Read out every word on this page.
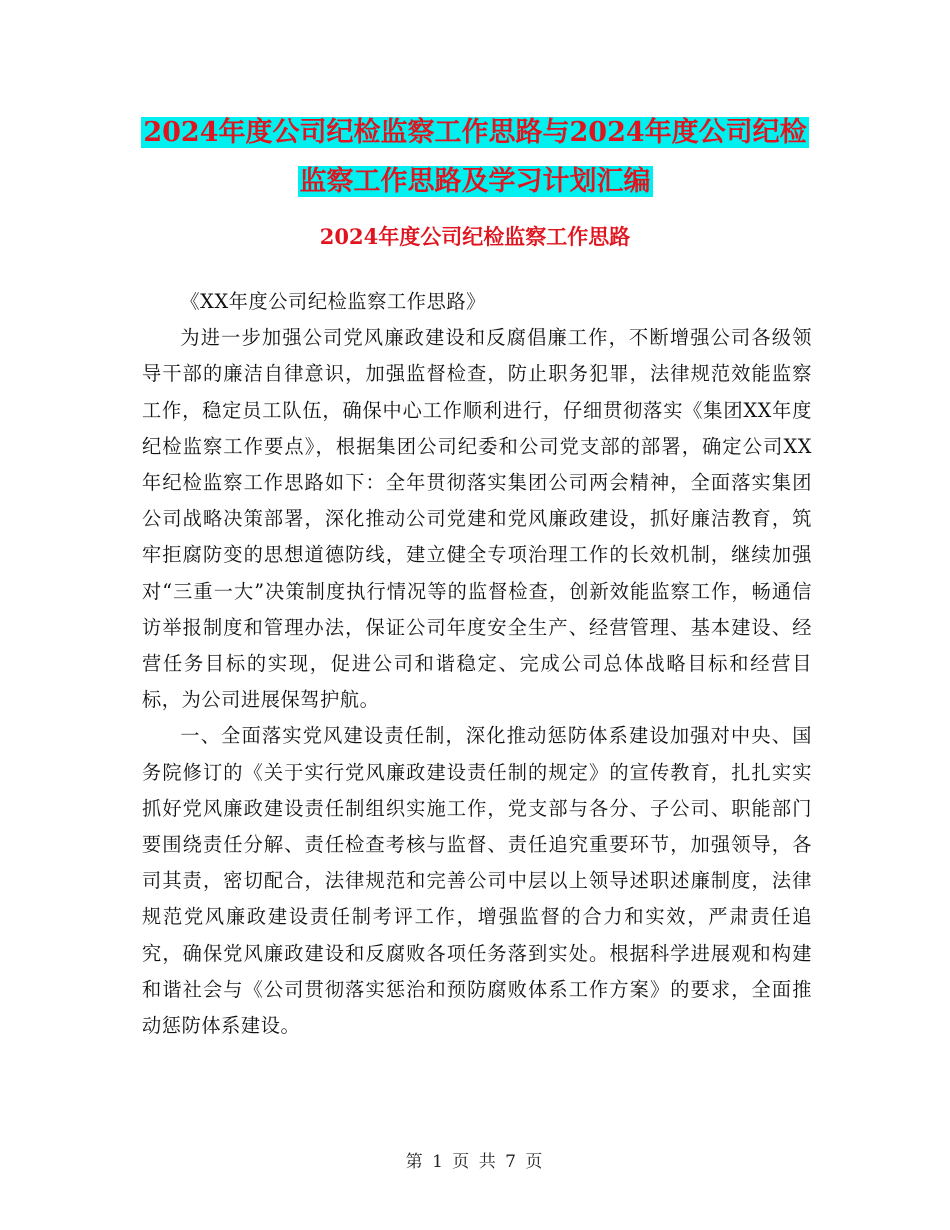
2024年度公司纪检监察工作思路与2024年度公司纪检
监察工作思路及学习计划汇编
2024年度公司纪检监察工作思路

《XX年度公司纪检监察工作思路》

为进一步加强公司党风廉政建设和反腐倡廉工作，不断增强公司各级领导干部的廉洁自律意识，加强监督检查，防止职务犯罪，法律规范效能监察工作，稳定员工队伍，确保中心工作顺利进行，仔细贯彻落实《集团XX年度纪检监察工作要点》，根据集团公司纪委和公司党支部的部署，确定公司XX年纪检监察工作思路如下：全年贯彻落实集团公司两会精神，全面落实集团公司战略决策部署，深化推动公司党建和党风廉政建设，抓好廉洁教育，筑牢拒腐防变的思想道德防线，建立健全专项治理工作的长效机制，继续加强对“三重一大”决策制度执行情况等的监督检查，创新效能监察工作，畅通信访举报制度和管理办法，保证公司年度安全生产、经营管理、基本建设、经营任务目标的实现，促进公司和谐稳定、完成公司总体战略目标和经营目标，为公司进展保驾护航。

一、全面落实党风建设责任制，深化推动惩防体系建设加强对中央、国务院修订的《关于实行党风廉政建设责任制的规定》的宣传教育，扎扎实实抓好党风廉政建设责任制组织实施工作，党支部与各分、子公司、职能部门要围绕责任分解、责任检查考核与监督、责任追究重要环节，加强领导，各司其责，密切配合，法律规范和完善公司中层以上领导述职述廉制度，法律规范党风廉政建设责任制考评工作，增强监督的合力和实效，严肃责任追究，确保党风廉政建设和反腐败各项任务落到实处。根据科学进展观和构建和谐社会与《公司贯彻落实惩治和预防腐败体系工作方案》的要求，全面推动惩防体系建设。

第 1 页 共 7 页
